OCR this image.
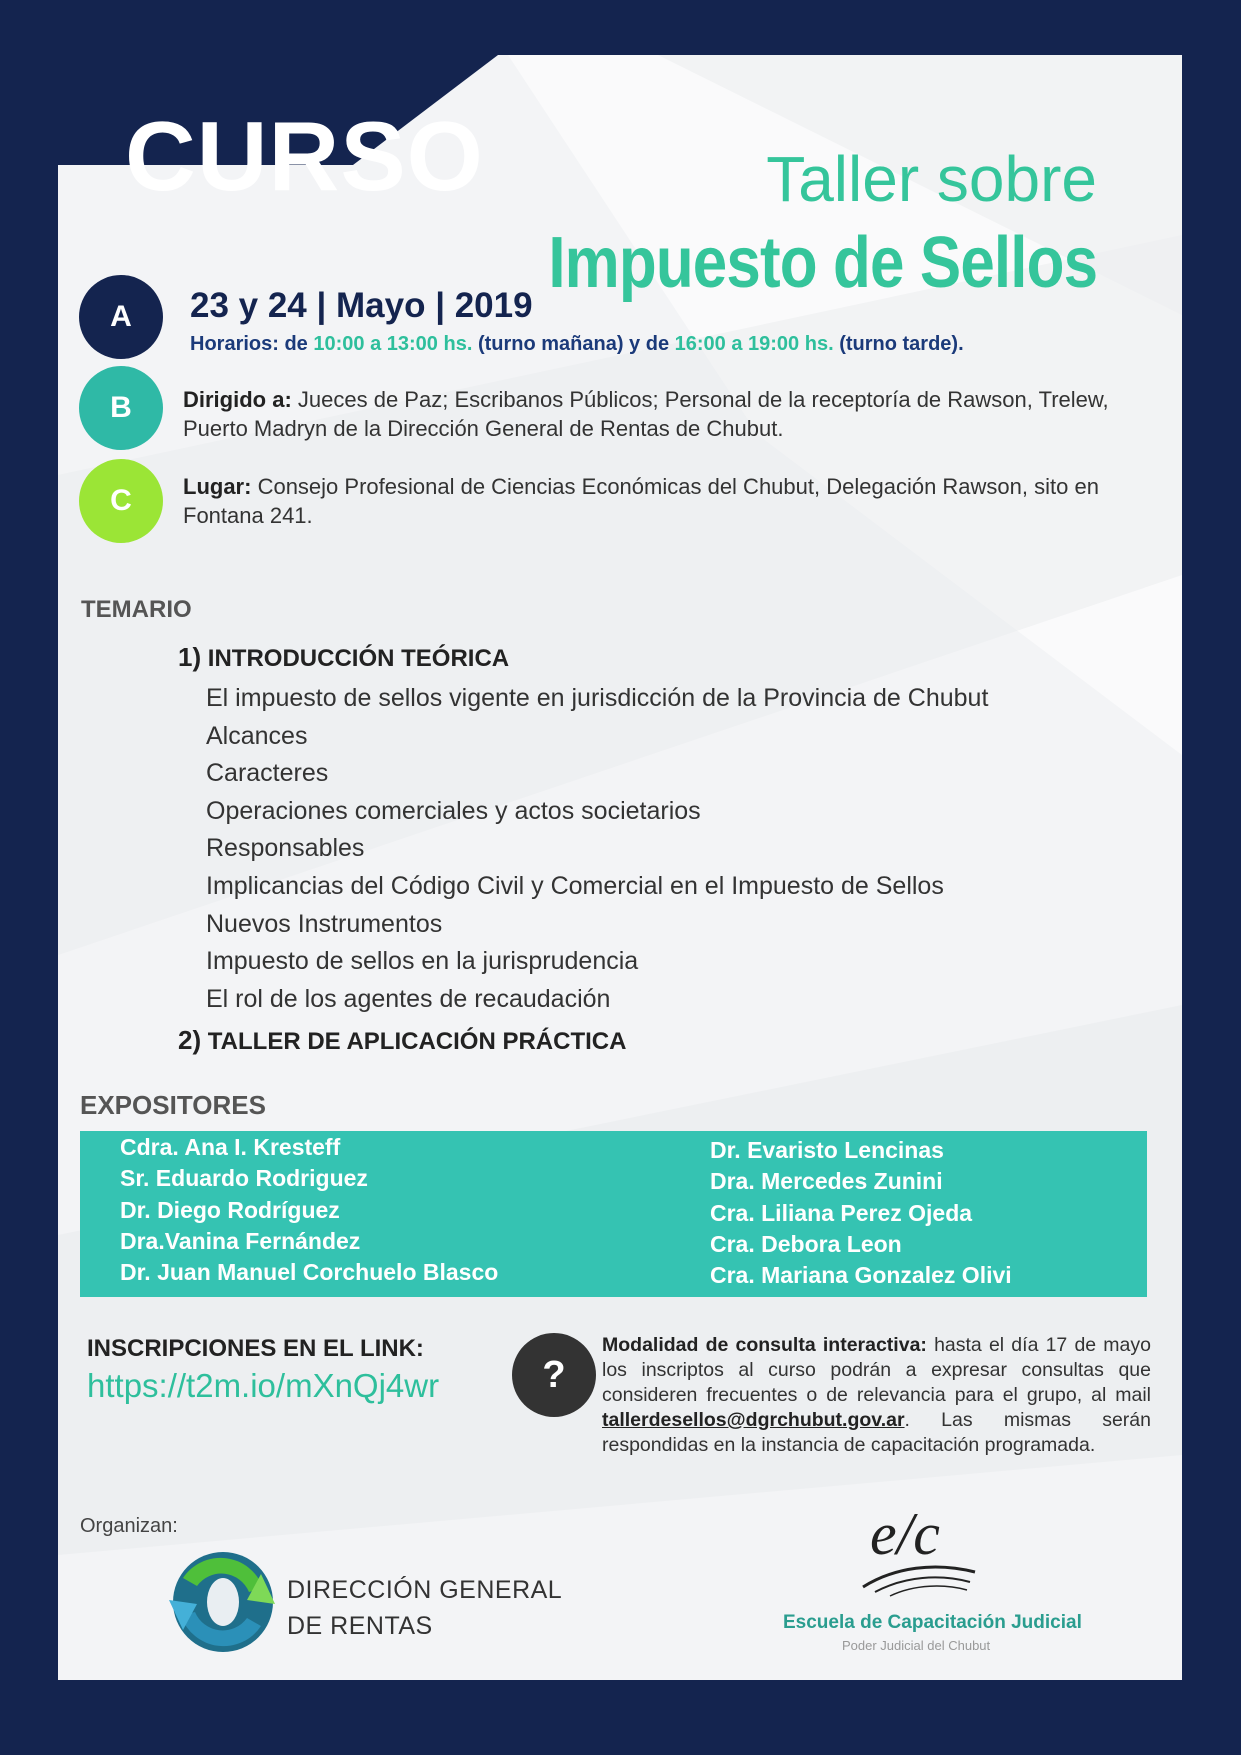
CURSO	Taller sobre
Impuesto de Sellos
A
B
C
23 y 24 | Mayo | 2019
Horarios: de 10:00 a 13:00 hs. (turno mañana) y de 16:00 a 19:00 hs. (turno tarde).
Dirigido a: Jueces de Paz; Escribanos Públicos; Personal de la receptoría de Rawson, Trelew, Puerto Madryn de la Dirección General de Rentas de Chubut.
Lugar: Consejo Profesional de Ciencias Económicas del Chubut, Delegación Rawson, sito en Fontana 241.
TEMARIO
1) INTRODUCCIÓN TEÓRICA
El impuesto de sellos vigente en jurisdicción de la Provincia de Chubut
Alcances
Caracteres
Operaciones comerciales y actos societarios
Responsables
Implicancias del Código Civil y Comercial en el Impuesto de Sellos
Nuevos Instrumentos
Impuesto de sellos en la jurisprudencia
El rol de los agentes de recaudación
2) TALLER DE APLICACIÓN PRÁCTICA
EXPOSITORES
Cdra. Ana I. Kresteff
Sr. Eduardo Rodriguez
Dr. Diego Rodríguez
Dra.Vanina Fernández
Dr. Juan Manuel Corchuelo Blasco
Dr. Evaristo Lencinas
Dra. Mercedes Zunini
Cra. Liliana Perez Ojeda
Cra. Debora Leon
Cra. Mariana Gonzalez Olivi
INSCRIPCIONES EN EL LINK:
https://t2m.io/mXnQj4wr	?
Modalidad de consulta interactiva: hasta el día 17 de mayo los inscriptos al curso podrán a expresar consultas que consideren frecuentes o de relevancia para el grupo, al mail tallerdesellos@dgrchubut.gov.ar. Las mismas serán respondidas en la instancia de capacitación programada.
Organizan:
DIRECCIÓN GENERAL
DE RENTAS
e/c
Escuela de Capacitación Judicial
Poder Judicial del Chubut
